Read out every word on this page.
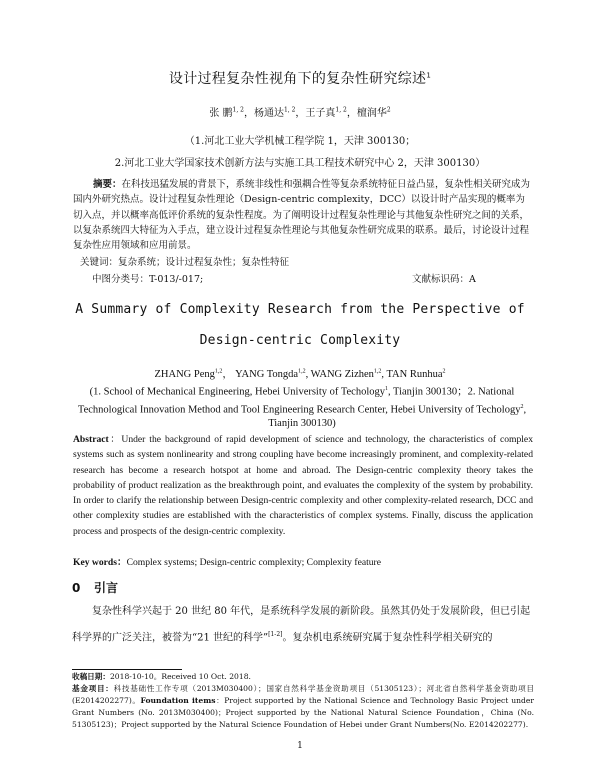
设计过程复杂性视角下的复杂性研究综述$^1$
张 鹏$^{1, 2}$，杨通达$^{1, 2}$，王子真$^{1, 2}$，檀润华$^2$
（1.河北工业大学机械工程学院 1，天津 300130；
2.河北工业大学国家技术创新方法与实施工具工程技术研究中心 2，天津 300130）
摘要：在科技迅猛发展的背景下，系统非线性和强耦合性等复杂系统特征日益凸显，复杂性相关研究成为国内外研究热点。设计过程复杂性理论（Design-centric complexity，DCC）以设计时产品实现的概率为切入点，并以概率高低评价系统的复杂性程度。为了阐明设计过程复杂性理论与其他复杂性研究之间的关系，以复杂系统四大特征为入手点，建立设计过程复杂性理论与其他复杂性研究成果的联系。最后，讨论设计过程复杂性应用领域和应用前景。
关键词：复杂系统；设计过程复杂性；复杂性特征
中图分类号：T-013/-017;	文献标识码：A
A Summary of Complexity Research from the Perspective of
Design-centric Complexity
ZHANG Peng$^{1,2}$， YANG Tongda$^{1,2}$, WANG Zizhen$^{1,2}$, TAN Runhua$^2$
(1. School of Mechanical Engineering, Hebei University of Techology$^1$, Tianjin 300130；2. National Technological Innovation Method and Tool Engineering Research Center, Hebei University of Techology$^2$, Tianjin 300130)
Abstract：Under the background of rapid development of science and technology, the characteristics of complex systems such as system nonlinearity and strong coupling have become increasingly prominent, and complexity-related research has become a research hotspot at home and abroad. The Design-centric complexity theory takes the probability of product realization as the breakthrough point, and evaluates the complexity of the system by probability. In order to clarify the relationship between Design-centric complexity and other complexity-related research, DCC and other complexity studies are established with the characteristics of complex systems. Finally, discuss the application process and prospects of the design-centric complexity.
Key words：Complex systems; Design-centric complexity; Complexity feature
0 引言
复杂性科学兴起于 20 世纪 80 年代，是系统科学发展的新阶段。虽然其仍处于发展阶段，但已引起科学界的广泛关注，被誉为“21 世纪的科学”[1-2]。复杂机电系统研究属于复杂性科学相关研究的
收稿日期：2018-10-10。Received 10 Oct. 2018.
基金项目：科技基础性工作专项（2013M030400）；国家自然科学基金资助项目（51305123）；河北省自然科学基金资助项目(E2014202277)。Foundation items：Project supported by the National Science and Technology Basic Project under Grant Numbers (No. 2013M030400)；Project supported by the National Natural Science Foundation，China (No. 51305123)；Project supported by the Natural Science Foundation of Hebei under Grant Numbers(No. E2014202277).
1
